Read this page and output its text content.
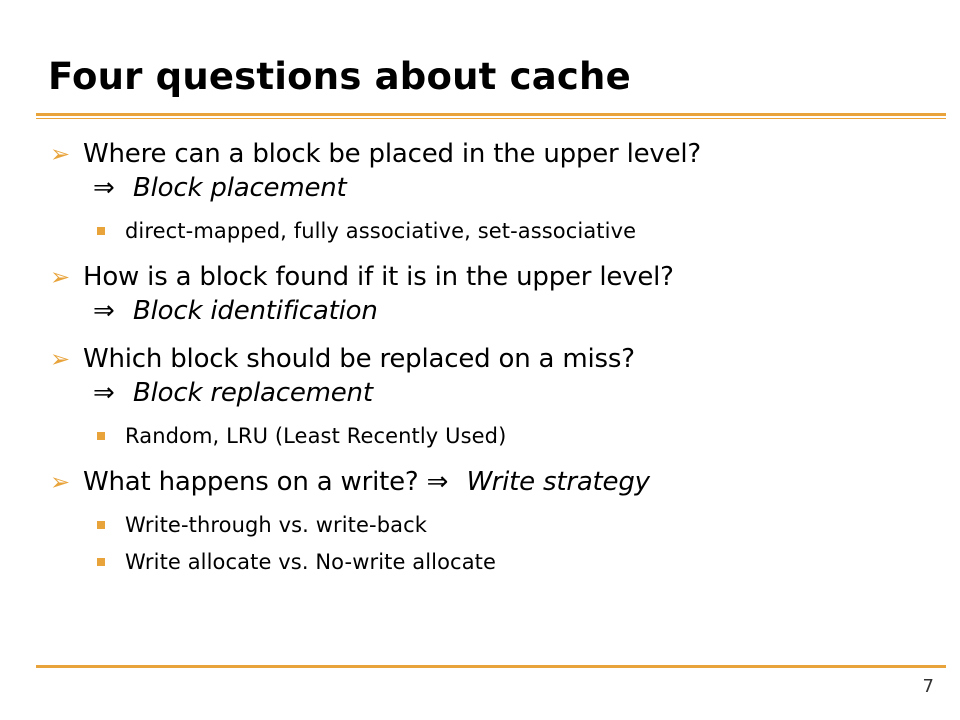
Four questions about cache
➢ Where can a block be placed in the upper level?
⇒ Block placement
direct-mapped, fully associative, set-associative
➢ How is a block found if it is in the upper level?
⇒ Block identification
➢ Which block should be replaced on a miss?
⇒ Block replacement
Random, LRU (Least Recently Used)
➢ What happens on a write? ⇒ Write strategy
Write-through vs. write-back
Write allocate vs. No-write allocate
7
